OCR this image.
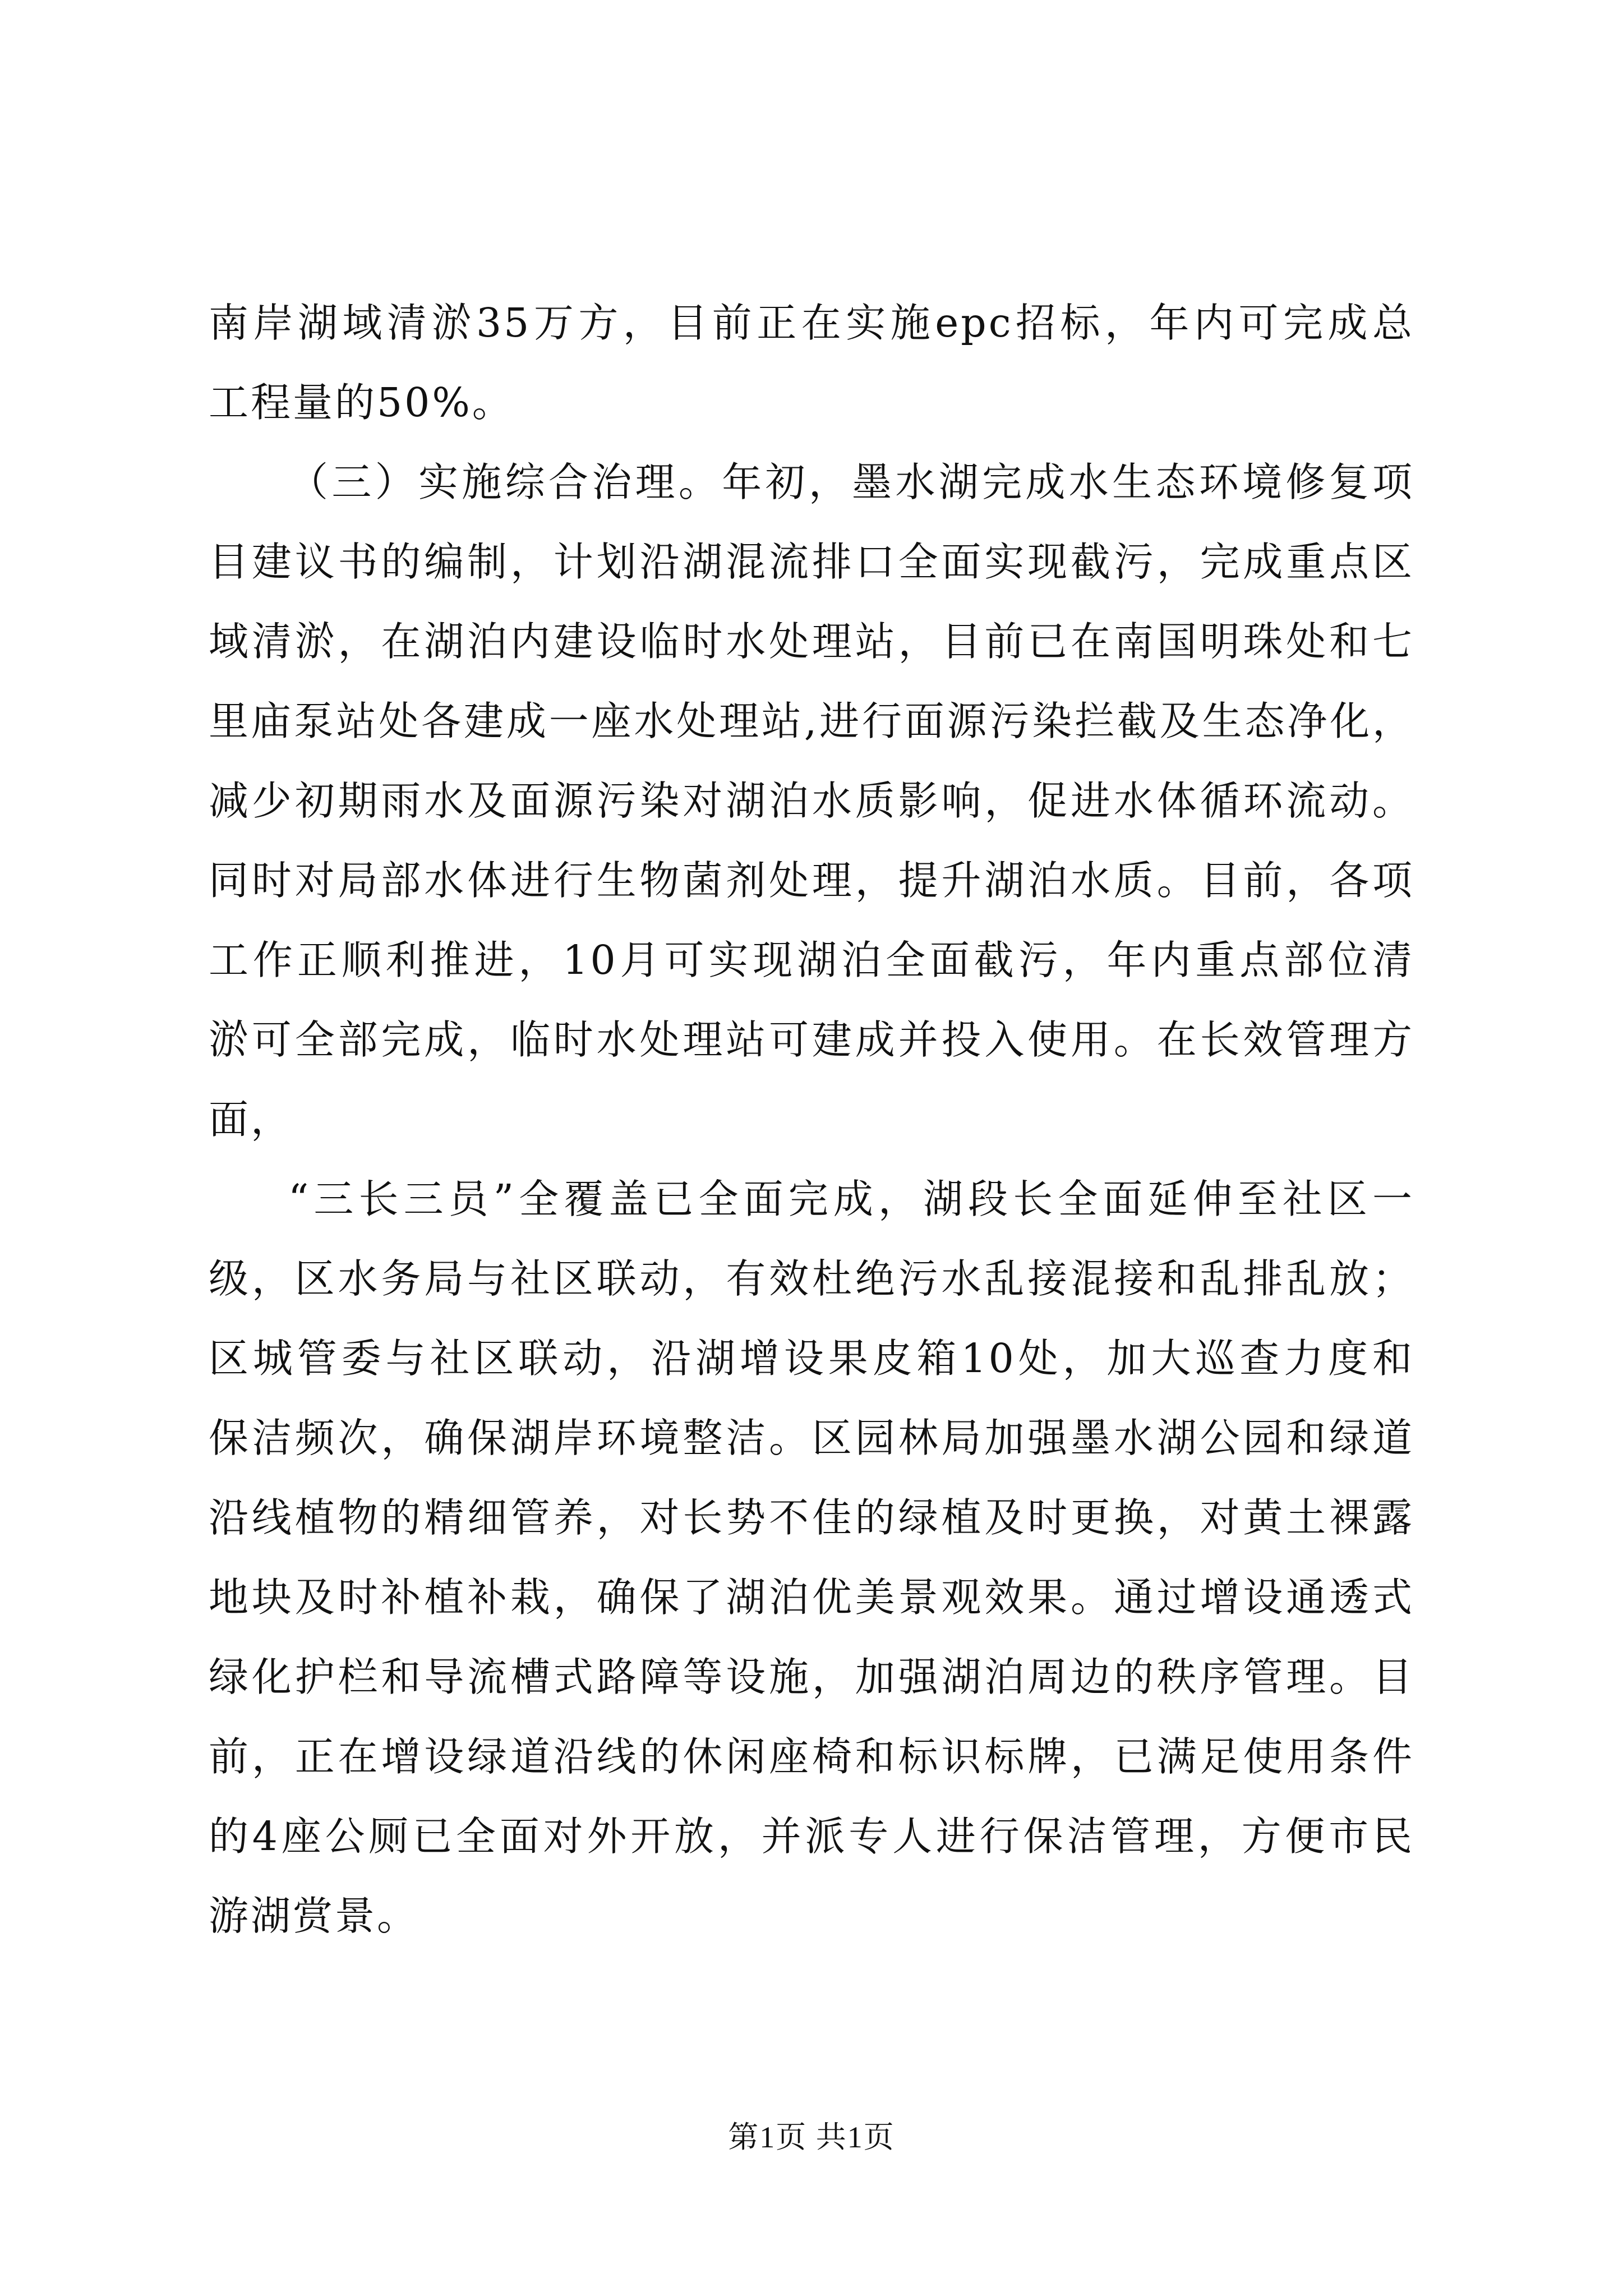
南岸湖域清淤35万方，目前正在实施epc招标，年内可完成总
工程量的50%。
（三）实施综合治理。年初，墨水湖完成水生态环境修复项
目建议书的编制，计划沿湖混流排口全面实现截污，完成重点区
域清淤，在湖泊内建设临时水处理站，目前已在南国明珠处和七
里庙泵站处各建成一座水处理站,进行面源污染拦截及生态净化，
减少初期雨水及面源污染对湖泊水质影响，促进水体循环流动。
同时对局部水体进行生物菌剂处理，提升湖泊水质。目前，各项
工作正顺利推进，10月可实现湖泊全面截污，年内重点部位清
淤可全部完成，临时水处理站可建成并投入使用。在长效管理方
面，
“三长三员”全覆盖已全面完成，湖段长全面延伸至社区一
级，区水务局与社区联动，有效杜绝污水乱接混接和乱排乱放；
区城管委与社区联动，沿湖增设果皮箱10处，加大巡查力度和
保洁频次，确保湖岸环境整洁。区园林局加强墨水湖公园和绿道
沿线植物的精细管养，对长势不佳的绿植及时更换，对黄土裸露
地块及时补植补栽，确保了湖泊优美景观效果。通过增设通透式
绿化护栏和导流槽式路障等设施，加强湖泊周边的秩序管理。目
前，正在增设绿道沿线的休闲座椅和标识标牌，已满足使用条件
的4座公厕已全面对外开放，并派专人进行保洁管理，方便市民
游湖赏景。
第1页 共1页
